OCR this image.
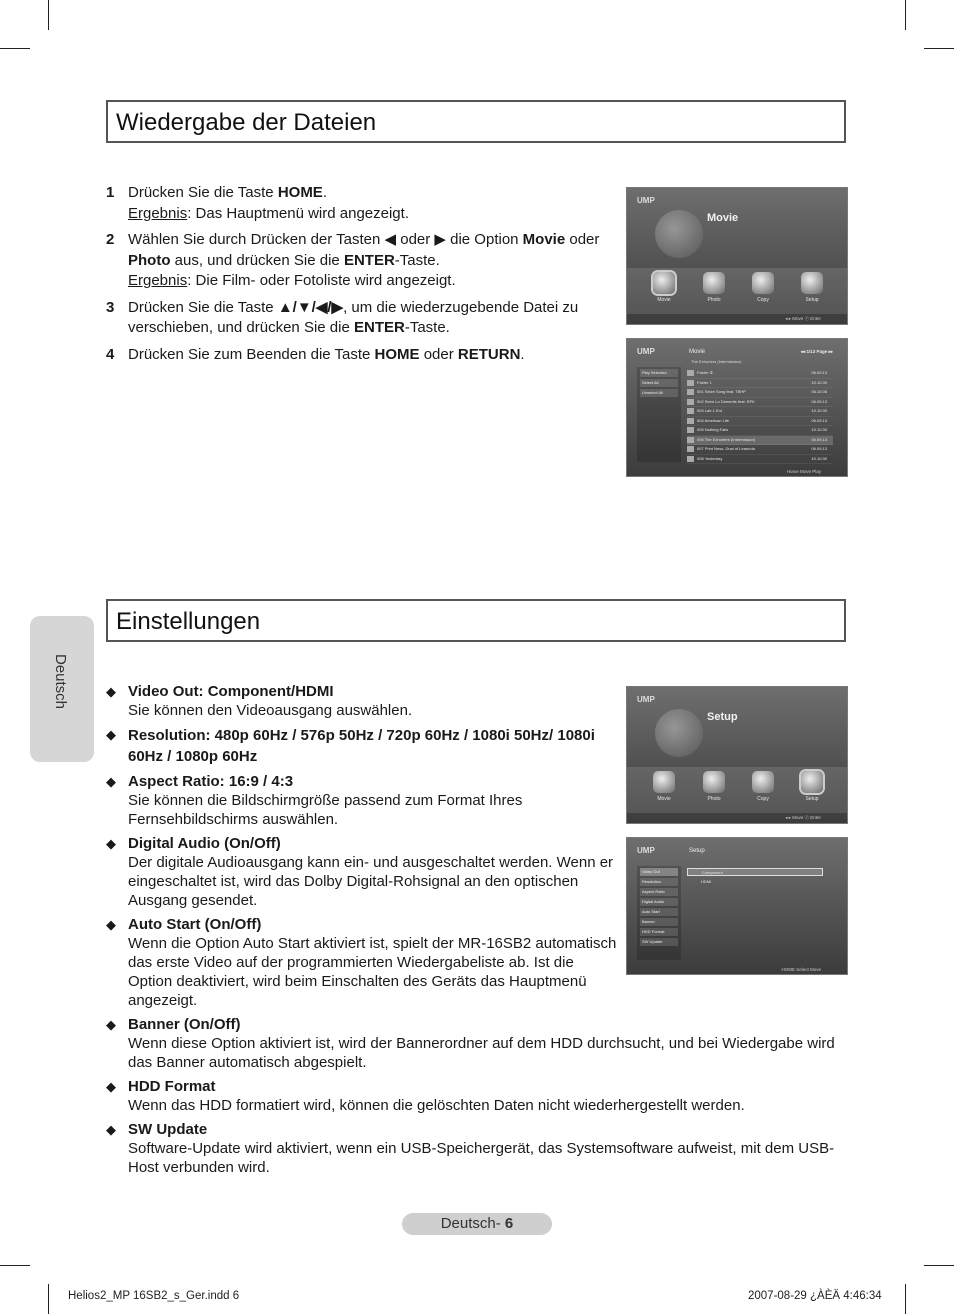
Wiedergabe der Dateien
1 Drücken Sie die Taste HOME.
Ergebnis: Das Hauptmenü wird angezeigt.
2 Wählen Sie durch Drücken der Tasten ◀ oder ▶ die Option Movie oder Photo aus, und drücken Sie die ENTER-Taste.
Ergebnis: Die Film- oder Fotoliste wird angezeigt.
3 Drücken Sie die Taste ▲/▼/◀/▶, um die wiederzugebende Datei zu verschieben, und drücken Sie die ENTER-Taste.
4 Drücken Sie zum Beenden die Taste HOME oder RETURN.
UMP
Movie
Movie	Photo	Copy	Setup
◂ ▸ Move ⓔ Enter
UMP	Movie	◂◂ 1/13 Page ▸▸
The Exhorters (Intermission)
Play Selected
Select All
Unselect All
Folder ⑤	06.09.13
Folder 1	10.10.30
001 Seize Song feat. TBHP	06.10.06
002 Seen Lo Demerits feat. EPK	06.09.13
003 Lab 1 Ent	10.10.30
004 American Life	06.09.13
005 Nothing Fails	10.10.30
006 The Exhorters (Intermission)	06.09.13
007 Print Ness, Dust of Leanrola	06.09.13
008 Yesterday	10.10.30
Home Move Play
Einstellungen
Deutsch	◆ Video Out: Component/HDMI
Sie können den Videoausgang auswählen.
◆ Resolution: 480p 60Hz / 576p 50Hz / 720p 60Hz / 1080i 50Hz/ 1080i 60Hz / 1080p 60Hz
◆ Aspect Ratio: 16:9 / 4:3
Sie können die Bildschirmgröße passend zum Format Ihres Fernsehbildschirms auswählen.
◆ Digital Audio (On/Off)
Der digitale Audioausgang kann ein- und ausgeschaltet werden. Wenn er eingeschaltet ist, wird das Dolby Digital-Rohsignal an den optischen Ausgang gesendet.
◆ Auto Start (On/Off)
Wenn die Option Auto Start aktiviert ist, spielt der MR-16SB2 automatisch das erste Video auf der programmierten Wiedergabeliste ab. Ist die Option deaktiviert, wird beim Einschalten des Geräts das Hauptmenü angezeigt.
◆ Banner (On/Off)
Wenn diese Option aktiviert ist, wird der Bannerordner auf dem HDD durchsucht, und bei Wiedergabe wird das Banner automatisch abgespielt.
◆ HDD Format
Wenn das HDD formatiert wird, können die gelöschten Daten nicht wiederhergestellt werden.
◆ SW Update
Software-Update wird aktiviert, wenn ein USB-Speichergerät, das Systemsoftware aufweist, mit dem USB-Host verbunden wird.
UMP
Setup
Movie	Photo	Copy	Setup
◂ ▸ Move ⓔ Enter
UMP	Setup
Video Out
Resolution
Aspect Ratio
Digital Audio
Auto Start
Banner
HDD Format
SW Update
Component
HDMI
HOME Select Move
Deutsch- 6
Helios2_MP 16SB2_s_Ger.indd 6	2007-08-29 ¿ÀÈÄ 4:46:34
